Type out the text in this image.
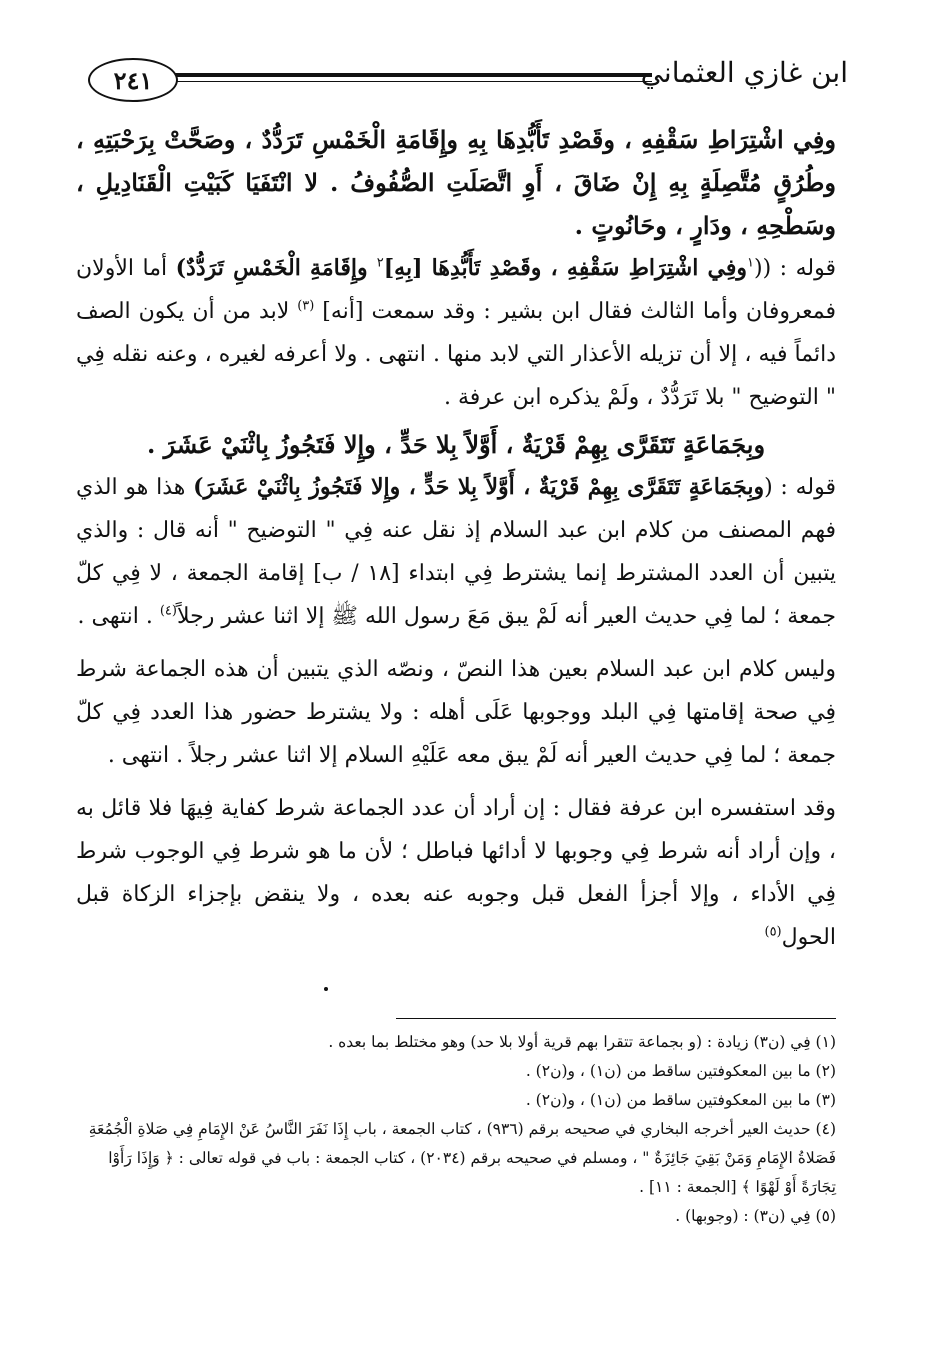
٢٤١	ابن غازي العثماني

وفِي اشْتِرَاطِ سَقْفِهِ ، وقَصْدِ تَأَبُّدِهَا بِهِ وإِقَامَةِ الْخَمْسِ تَرَدُّدٌ ، وصَحَّتْ بِرَحْبَتِهِ ، وطُرُقٍ مُتَّصِلَةٍ بِهِ إِنْ ضَاقَ ، أَوِ اتَّصَلَتِ الصُّفُوفُ . لا انْتَفَيَا كَبَيْتِ الْقَنَادِيلِ ، وسَطْحِهِ ، ودَارٍ ، وحَانُوتٍ .

قوله : (($^١$وفِي اشْتِرَاطِ سَقْفِهِ ، وقَصْدِ تَأَبُّدِهَا [بِهِ]$^٢$ وإِقَامَةِ الْخَمْسِ تَرَدُّدٌ) أما الأولان فمعروفان وأما الثالث فقال ابن بشير : وقد سمعت [أنه] $^{(٣)}$ لابد من أن يكون الصف دائماً فيه ، إلا أن تزيله الأعذار التي لابد منها . انتهى . ولا أعرفه لغيره ، وعنه نقله فِي " التوضيح " بلا تَرَدُّدٌ ، ولَمْ يذكره ابن عرفة .

وبِجَمَاعَةٍ تَتَقَرَّى بِهِمْ قَرْيَةٌ ، أَوَّلاً بِلا حَدٍّ ، وإِلا فَتَجُوزُ بِاثْنَيْ عَشَرَ .

قوله : (وبِجَمَاعَةٍ تَتَقَرَّى بِهِمْ قَرْيَةٌ ، أَوَّلاً بِلا حَدٍّ ، وإِلا فَتَجُوزُ بِاثْنَيْ عَشَرَ) هذا هو الذي فهم المصنف من كلام ابن عبد السلام إذ نقل عنه فِي " التوضيح " أنه قال : والذي يتبين أن العدد المشترط إنما يشترط فِي ابتداء [١٨ / ب] إقامة الجمعة ، لا فِي كلّ جمعة ؛ لما فِي حديث العير أنه لَمْ يبق مَعَ رسول الله ﷺ إلا اثنا عشر رجلاً$^{(٤)}$ . انتهى .

وليس كلام ابن عبد السلام بعين هذا النصّ ، ونصّه الذي يتبين أن هذه الجماعة شرط فِي صحة إقامتها فِي البلد ووجوبها عَلَى أهله : ولا يشترط حضور هذا العدد فِي كلّ جمعة ؛ لما فِي حديث العير أنه لَمْ يبق معه عَلَيْهِ السلام إلا اثنا عشر رجلاً . انتهى .

وقد استفسره ابن عرفة فقال : إن أراد أن عدد الجماعة شرط كفاية فِيهَا فلا قائل به ، وإن أراد أنه شرط فِي وجوبها لا أدائها فباطل ؛ لأن ما هو شرط فِي الوجوب شرط فِي الأداء ، وإلا أجزأ الفعل قبل وجوبه عنه بعده ، ولا ينقض بإجزاء الزكاة قبل الحول$^{(٥)}$

(١) فِي (ن٣) زيادة : (و بجماعة تتقرا بهم قرية أولا بلا حد) وهو مختلط بما بعده .

(٢) ما بين المعكوفتين ساقط من (ن١) ، و(ن٢) .

(٣) ما بين المعكوفتين ساقط من (ن١) ، و(ن٢) .

(٤) حديث العير أخرجه البخاري في صحيحه برقم (٩٣٦) ، كتاب الجمعة ، باب إِذَا نَفَرَ النَّاسُ عَنْ الإِمَامِ فِي صَلاةِ الْجُمُعَةِ فَصَلاةُ الإِمَامِ وَمَنْ بَقِيَ جَائِزَةٌ " ، ومسلم في صحيحه برقم (٢٠٣٤) ، كتاب الجمعة : باب في قوله تعالى : ﴿ وَإِذَا رَأَوْا تِجَارَةً أَوْ لَهْوًا ﴾ [الجمعة : ١١] .

(٥) فِي (ن٣) : (وجوبها) .
